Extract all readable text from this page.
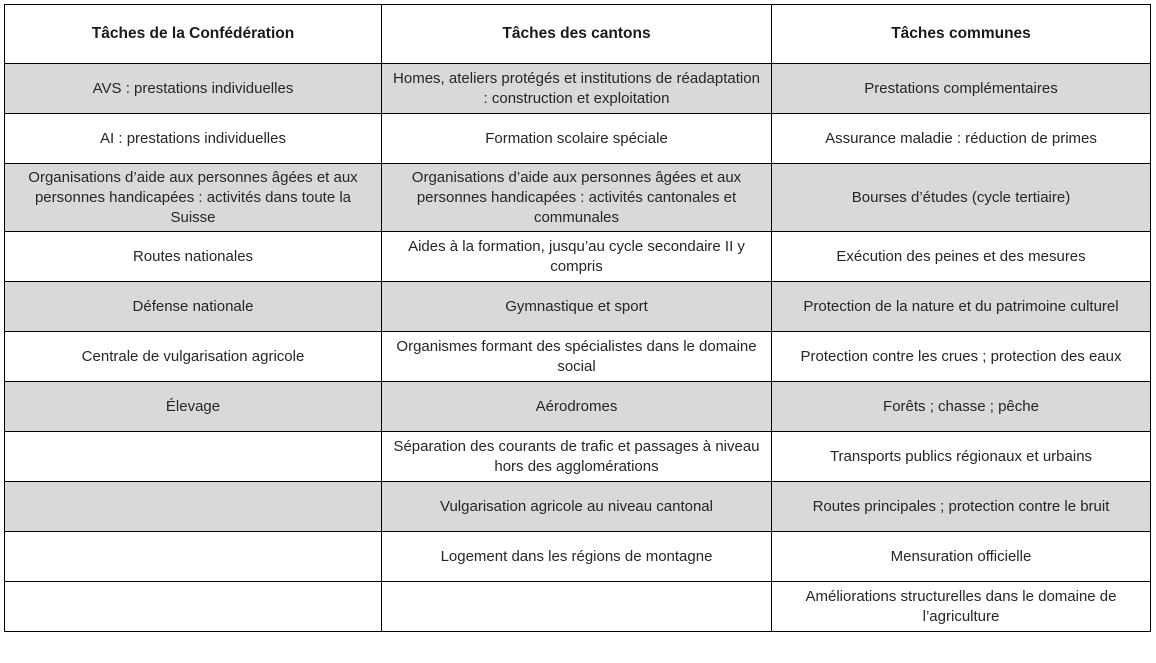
Tâches de la Confédération	Tâches des cantons	Tâches communes
AVS : prestations individuelles	Homes, ateliers protégés et institutions de réadaptation : construction et exploitation	Prestations complémentaires
AI : prestations individuelles	Formation scolaire spéciale	Assurance maladie : réduction de primes
Organisations d’aide aux personnes âgées et aux personnes handicapées : activités dans toute la Suisse	Organisations d’aide aux personnes âgées et aux personnes handicapées : activités cantonales et communales	Bourses d’études (cycle tertiaire)
Routes nationales	Aides à la formation, jusqu’au cycle secondaire II y compris	Exécution des peines et des mesures
Défense nationale	Gymnastique et sport	Protection de la nature et du patrimoine culturel
Centrale de vulgarisation agricole	Organismes formant des spécialistes dans le domaine social	Protection contre les crues ; protection des eaux
Élevage	Aérodromes	Forêts ; chasse ; pêche
	Séparation des courants de trafic et passages à niveau hors des agglomérations	Transports publics régionaux et urbains
	Vulgarisation agricole au niveau cantonal	Routes principales ; protection contre le bruit
	Logement dans les régions de montagne	Mensuration officielle
		Améliorations structurelles dans le domaine de l’agriculture
